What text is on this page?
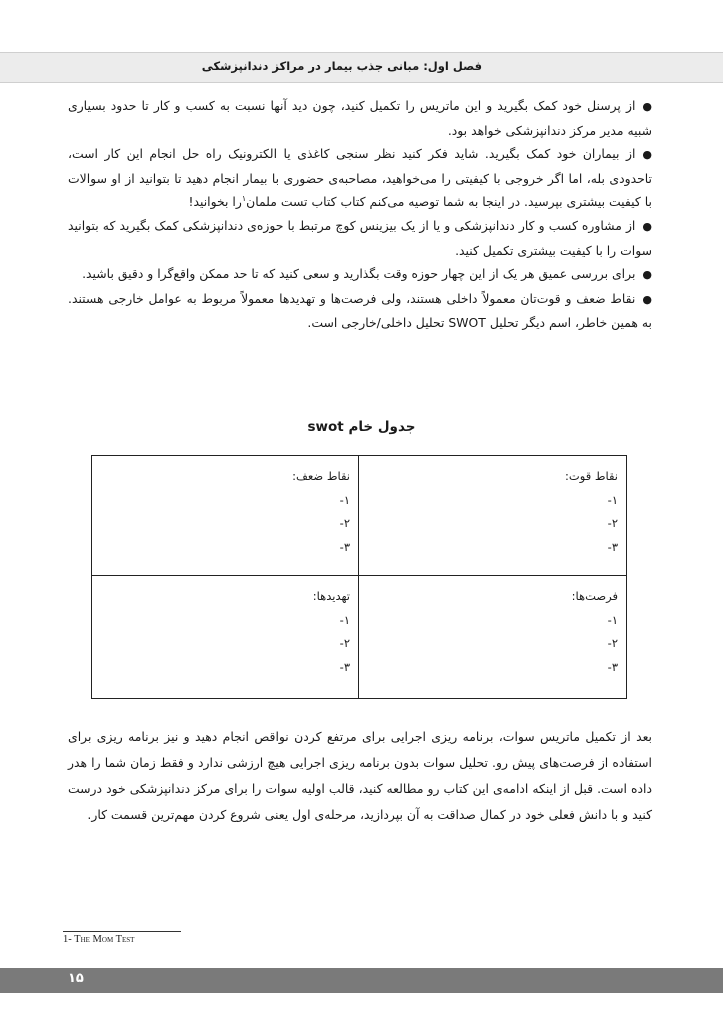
فصل اول: مبانی جذب بیمار در مراکز دندانپزشکی

●از پرسنل خود کمک بگیرید و این ماتریس را تکمیل کنید، چون دید آنها نسبت به کسب و کار تا حدود بسیاری شبیه مدیر مرکز دندانپزشکی خواهد بود.

●از بیماران خود کمک بگیرید. شاید فکر کنید نظر سنجی کاغذی یا الکترونیک راه حل انجام این کار است، تاحدودی بله، اما اگر خروجی با کیفیتی را می‌خواهید، مصاحبه‌ی حضوری با بیمار انجام دهید تا بتوانید از او سوالات با کیفیت بیشتری بپرسید. در اینجا به شما توصیه می‌کنم کتاب کتاب تست ملمان$^۱$را بخوانید!

●از مشاوره کسب و کار دندانپزشکی و یا از یک بیزینس کوچ مرتبط با حوزه‌ی دندانپزشکی کمک بگیرید که بتوانید سوات را با کیفیت بیشتری تکمیل کنید.

●برای بررسی عمیق هر یک از این چهار حوزه وقت بگذارید و سعی کنید که تا حد ممکن واقع‌گرا و دقیق باشید.

●نقاط ضعف و قوت‌تان معمولاً داخلی هستند، ولی فرصت‌ها و تهدیدها معمولاً مربوط به عوامل خارجی هستند. به همین خاطر، اسم دیگر تحلیل SWOT تحلیل داخلی/خارجی است.

جدول خام swot
نقاط قوت:
۱-
۲-
۳-
نقاط ضعف:
۱-
۲-
۳-
فرصت‌ها:
۱-
۲-
۳-
تهدیدها:
۱-
۲-
۳-

بعد از تکمیل ماتریس سوات، برنامه ریزی اجرایی برای مرتفع کردن نواقص انجام دهید و نیز برنامه ریزی برای استفاده از فرصت‌های پیش رو. تحلیل سوات بدون برنامه ریزی اجرایی هیچ ارزشی ندارد و فقط زمان شما را هدر داده است. قبل از اینکه ادامه‌ی این کتاب رو مطالعه کنید، قالب اولیه سوات را برای مرکز دندانپزشکی خود درست کنید و با دانش فعلی خود در کمال صداقت به آن بپردازید، مرحله‌ی اول یعنی شروع کردن مهم‌ترین قسمت کار.

1- The Mom Test
۱۵
